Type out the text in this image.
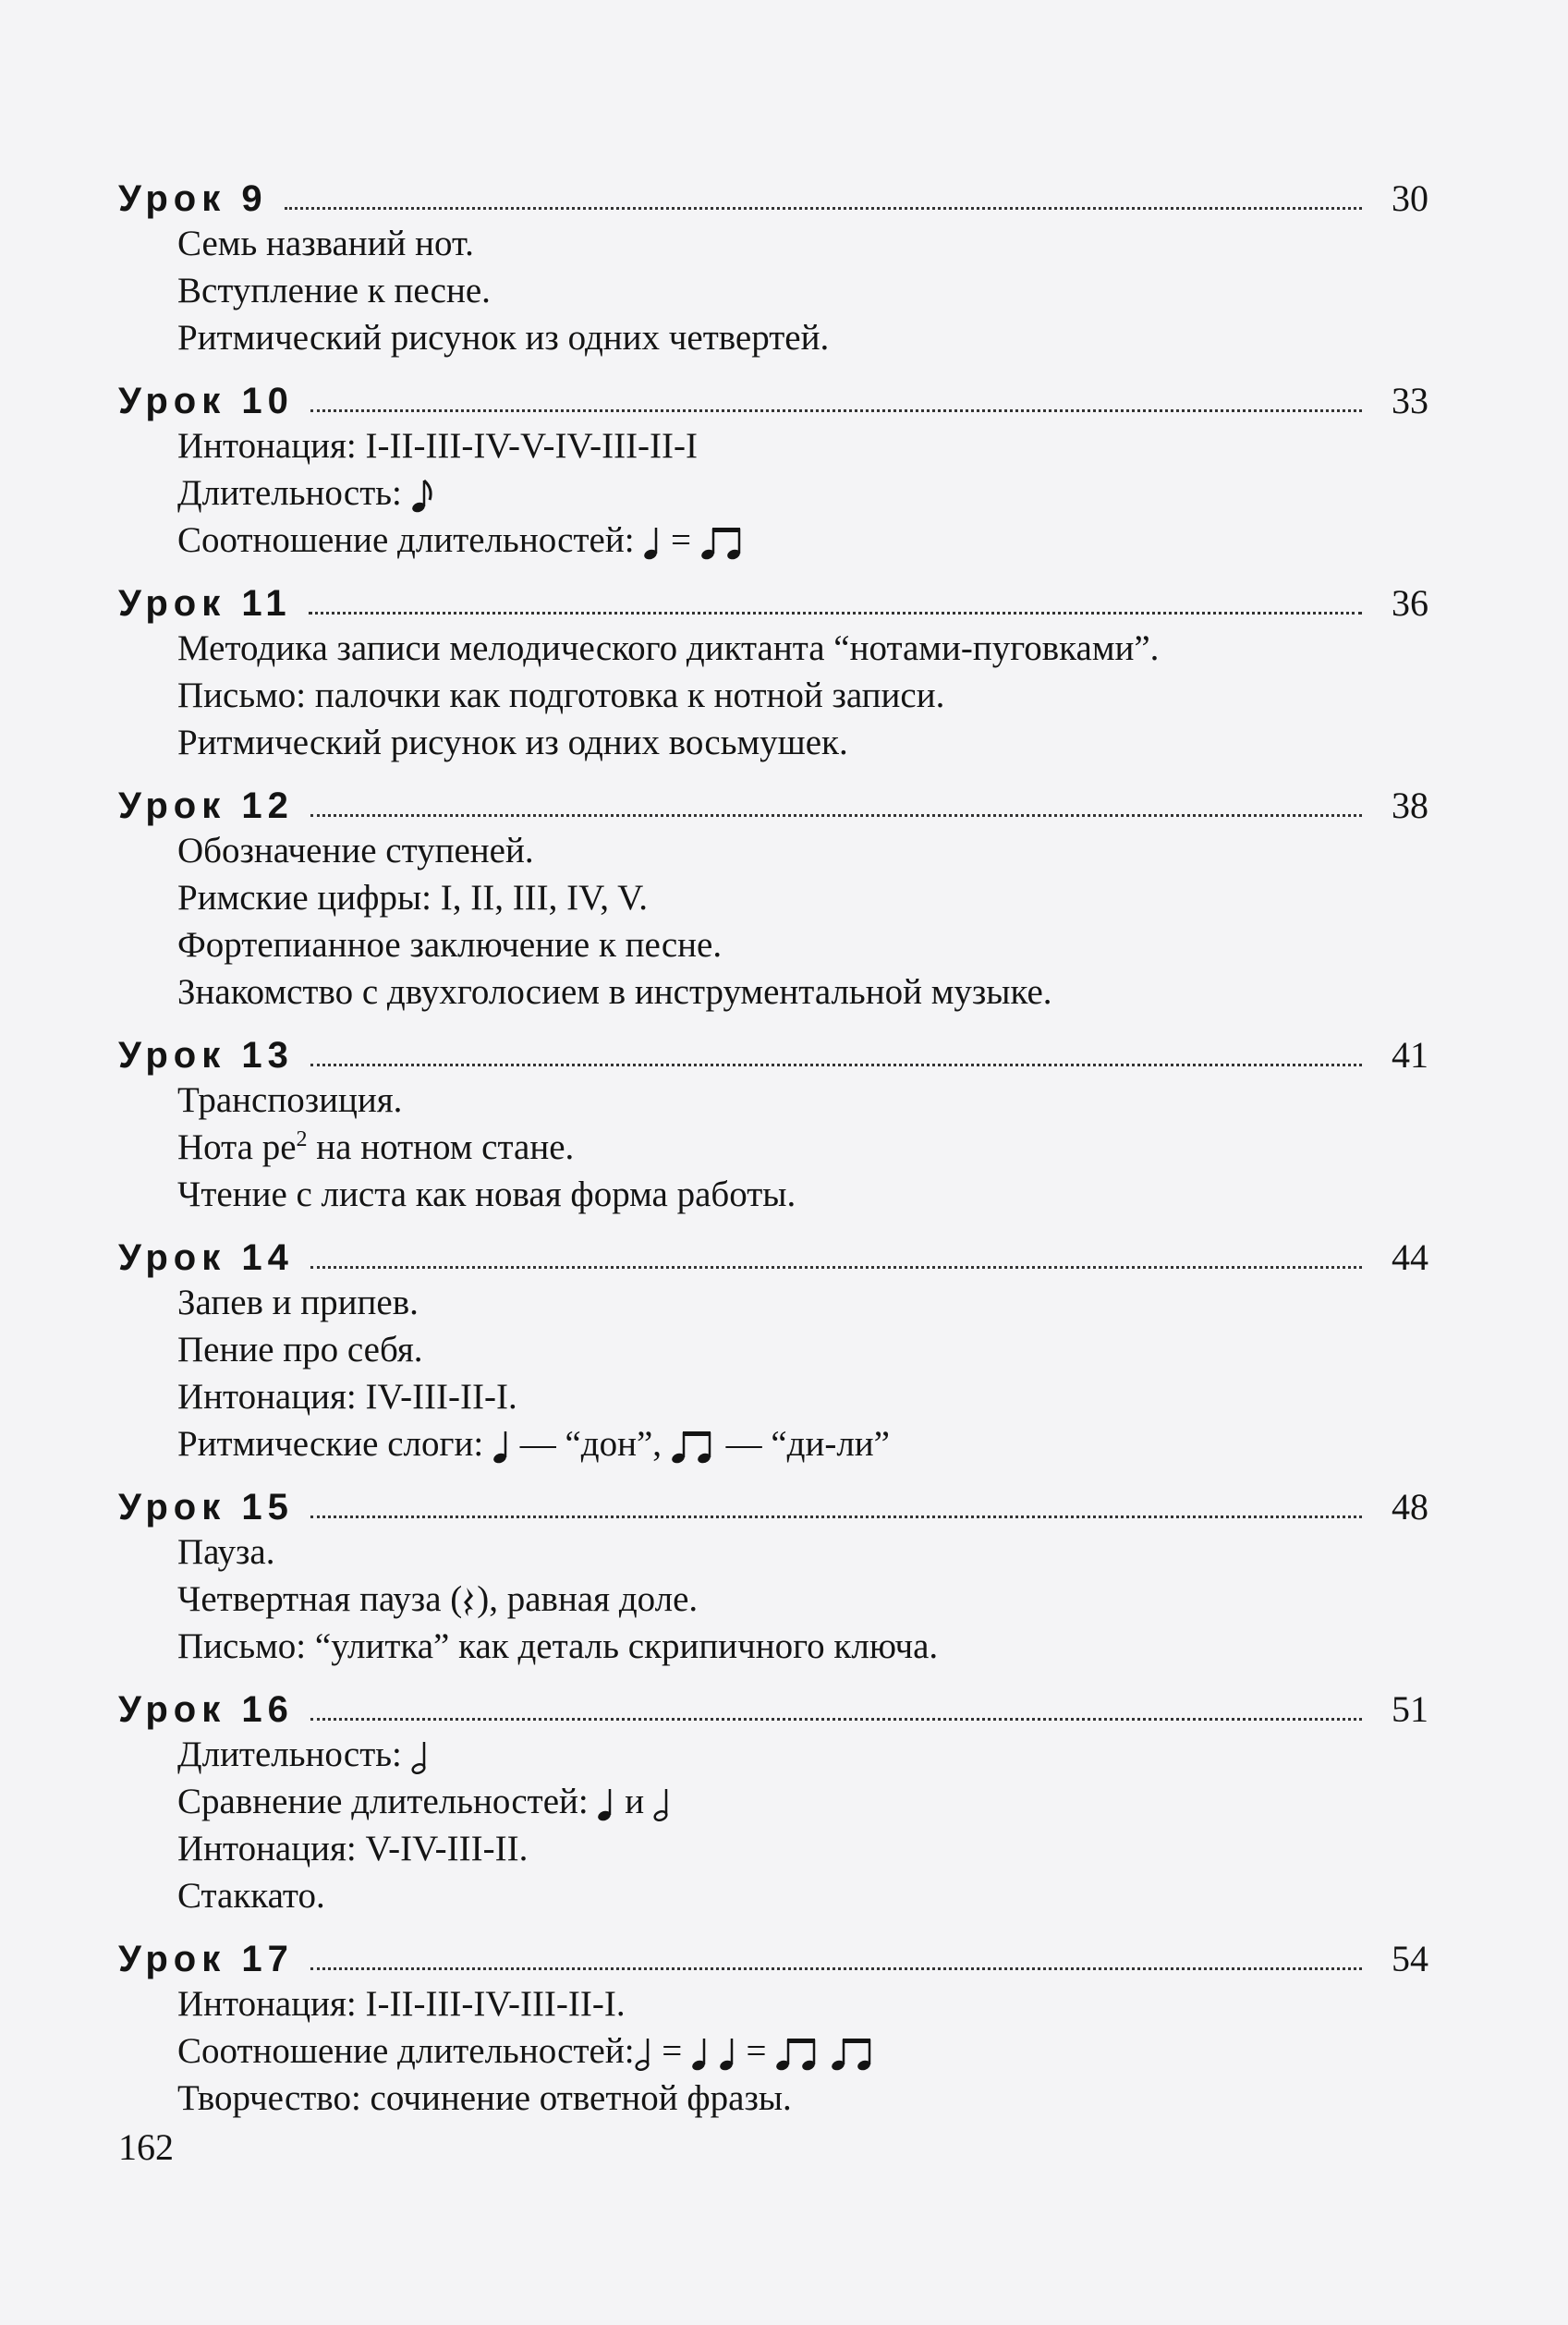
Урок 9	30
Семь названий нот.
Вступление к песне.
Ритмический рисунок из одних четвертей.
Урок 10	33
Интонация: I-II-III-IV-V-IV-III-II-I
Длительность:
Соотношение длительностей: =
Урок 11	36
Методика записи мелодического диктанта “нотами-пуговками”.
Письмо: палочки как подготовка к нотной записи.
Ритмический рисунок из одних восьмушек.
Урок 12	38
Обозначение ступеней.
Римские цифры: I, II, III, IV, V.
Фортепианное заключение к песне.
Знакомство с двухголосием в инструментальной музыке.
Урок 13	41
Транспозиция.
Нота $ре^2$ на нотном стане.
Чтение с листа как новая форма работы.
Урок 14	44
Запев и припев.
Пение про себя.
Интонация: IV-III-II-I.
Ритмические слоги: — “дон”, — “ди-ли”
Урок 15	48
Пауза.
Четвертная пауза ( ), равная доле.
Письмо: “улитка” как деталь скрипичного ключа.
Урок 16	51
Длительность:
Сравнение длительностей: и
Интонация: V-IV-III-II.
Стаккато.
Урок 17	54
Интонация: I-II-III-IV-III-II-I.
Соотношение длительностей: =
=

Творчество: сочинение ответной фразы.
162
